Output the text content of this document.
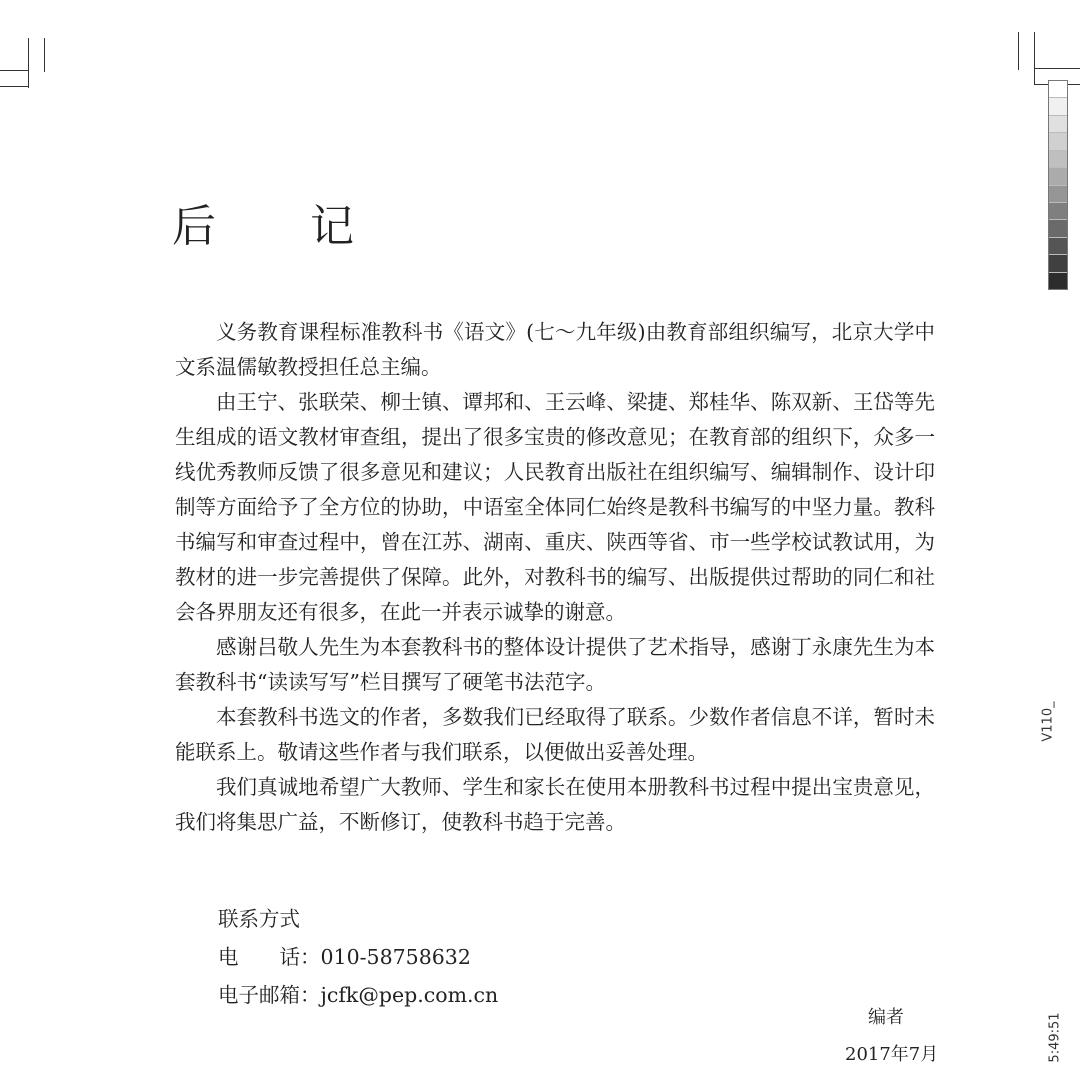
V110_
5:49:51
后 记

义务教育课程标准教科书《语文》(七～九年级)由教育部组织编写，北京大学中文系温儒敏教授担任总主编。

由王宁、张联荣、柳士镇、谭邦和、王云峰、梁捷、郑桂华、陈双新、王岱等先生组成的语文教材审查组，提出了很多宝贵的修改意见；在教育部的组织下，众多一线优秀教师反馈了很多意见和建议；人民教育出版社在组织编写、编辑制作、设计印制等方面给予了全方位的协助，中语室全体同仁始终是教科书编写的中坚力量。教科书编写和审查过程中，曾在江苏、湖南、重庆、陕西等省、市一些学校试教试用，为教材的进一步完善提供了保障。此外，对教科书的编写、出版提供过帮助的同仁和社会各界朋友还有很多，在此一并表示诚挚的谢意。

感谢吕敬人先生为本套教科书的整体设计提供了艺术指导，感谢丁永康先生为本套教科书“读读写写”栏目撰写了硬笔书法范字。

本套教科书选文的作者，多数我们已经取得了联系。少数作者信息不详，暂时未能联系上。敬请这些作者与我们联系，以便做出妥善处理。

我们真诚地希望广大教师、学生和家长在使用本册教科书过程中提出宝贵意见，我们将集思广益，不断修订，使教科书趋于完善。

联系方式
电　　话：010-58758632
电子邮箱：jcfk@pep.com.cn
编者
2017年7月
